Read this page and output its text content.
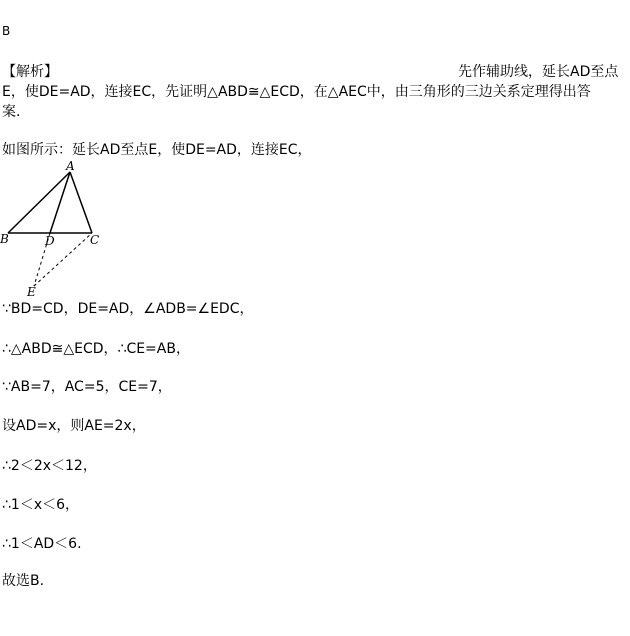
B
【解析】	先作辅助线，延长AD至点
E，使DE=AD，连接EC，先证明△ABD≅△ECD，在△AEC中，由三角形的三边关系定理得出答
案.
如图所示：延长AD至点E，使DE=AD，连接EC，
A
B	D	C
E
∵BD=CD，DE=AD，∠ADB=∠EDC，
∴△ABD≅△ECD，∴CE=AB，
∵AB=7，AC=5，CE=7，
设AD=x，则AE=2x，
∴2＜2x＜12，
∴1＜x＜6，
∴1＜AD＜6.
故选B.
